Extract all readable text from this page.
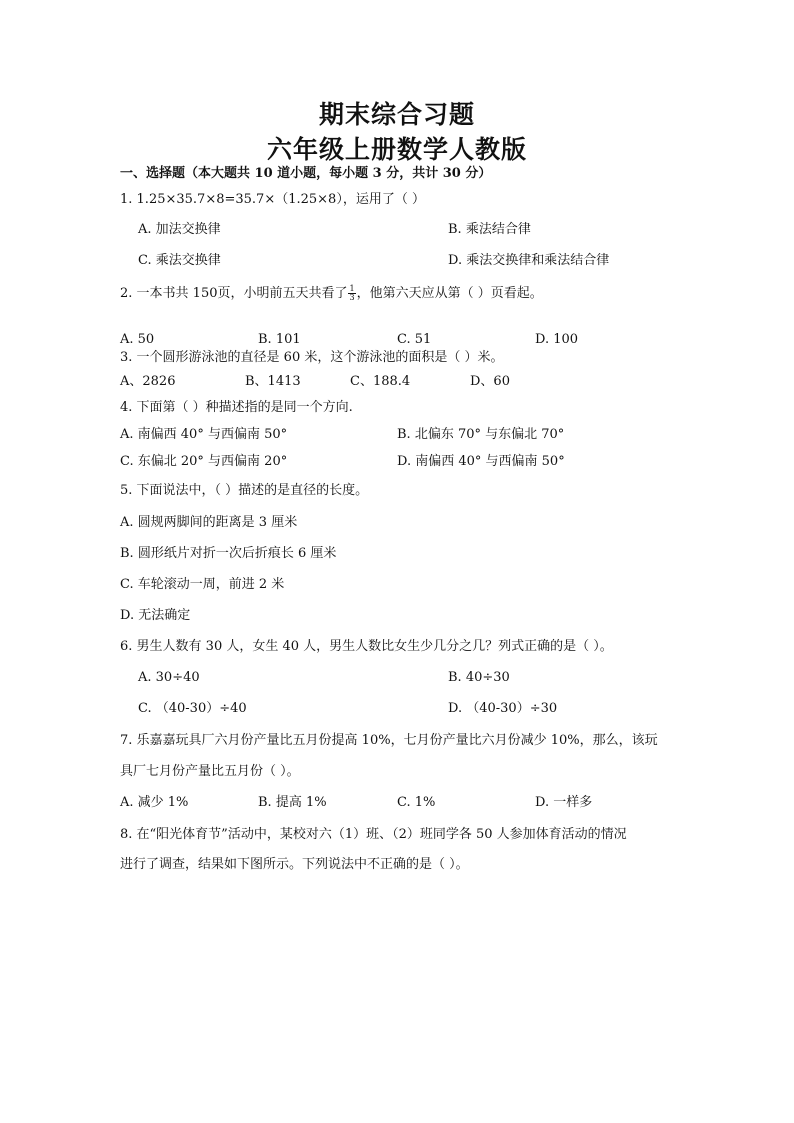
期末综合习题
六年级上册数学人教版
一、选择题（本大题共 10 道小题，每小题 3 分，共计 30 分）
1. 1.25×35.7×8=35.7×（1.25×8），运用了（ ）
A. 加法交换律	B. 乘法结合律
C. 乘法交换律	D. 乘法交换律和乘法结合律
2. 一本书共 150页，小明前五天共看了 $\frac{1}{3}$ ，他第六天应从第（ ）页看起。
A. 50	B. 101	C. 51	D. 100
3. 一个圆形游泳池的直径是 60 米，这个游泳池的面积是（ ）米。
A、2826	B、1413	C、188.4	D、60
4. 下面第（ ）种描述指的是同一个方向.
A. 南偏西 40° 与西偏南 50°	B. 北偏东 70° 与东偏北 70°
C. 东偏北 20° 与西偏南 20°	D. 南偏西 40° 与西偏南 50°
5. 下面说法中，（ ）描述的是直径的长度。
A. 圆规两脚间的距离是 3 厘米
B. 圆形纸片对折一次后折痕长 6 厘米
C. 车轮滚动一周，前进 2 米
D. 无法确定
6. 男生人数有 30 人，女生 40 人，男生人数比女生少几分之几？列式正确的是（ ）。
A. 30÷40	B. 40÷30
C. （40-30）÷40	D. （40-30）÷30
7. 乐嘉嘉玩具厂六月份产量比五月份提高 10%，七月份产量比六月份减少 10%，那么，该玩
具厂七月份产量比五月份（ ）。
A. 减少 1%	B. 提高 1%	C. 1%	D. 一样多
8. 在“阳光体育节”活动中，某校对六（1）班、（2）班同学各 50 人参加体育活动的情况
进行了调查，结果如下图所示。下列说法中不正确的是（ ）。
